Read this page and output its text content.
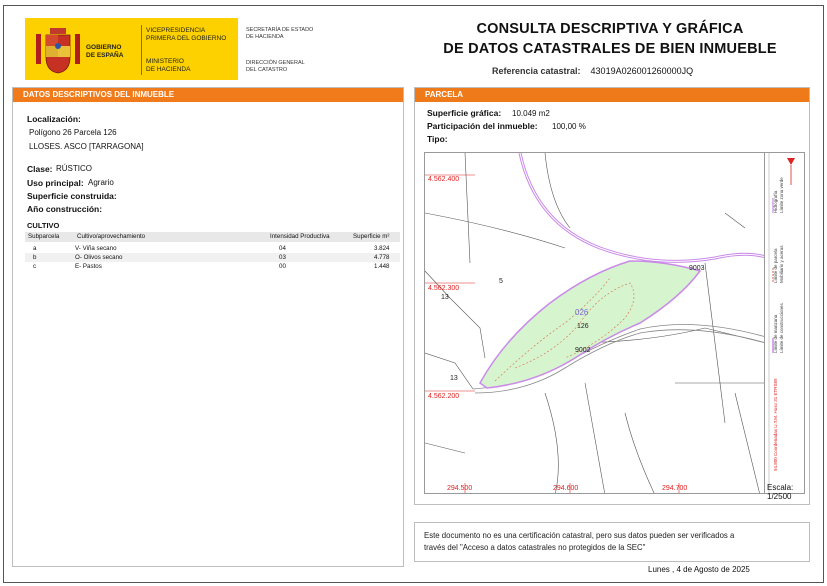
GOBIERNO
DE ESPAÑA
VICEPRESIDENCIA
PRIMERA DEL GOBIERNO
MINISTERIO
DE HACIENDA
SECRETARÍA DE ESTADO
DE HACIENDA
DIRECCIÓN GENERAL
DEL CATASTRO
CONSULTA DESCRIPTIVA Y GRÁFICA
DE DATOS CATASTRALES DE BIEN INMUEBLE
Referencia catastral: 43019A026001260000JQ
DATOS DESCRIPTIVOS DEL INMUEBLE
Localización:
Polígono 26 Parcela 126
LLOSES. ASCO [TARRAGONA]
Clase: RÚSTICO
Uso principal: Agrario
Superficie construida:
Año construcción:
CULTIVO
Subparcela	Cultivo/aprovechamiento	Intensidad Productiva	Superficie m²
a	V- Viña secano	04	3.824
b	O- Olivos secano	03	4.778
c	E- Pastos	00	1.448
PARCELA
Superficie gráfica: 10.049 m2
Participación del inmueble: 100,00 %
Tipo:
4.562.400
4.562.300
4.562.200
294.500	294.600	294.700
5
13
13
9003
9002
026
126
Hidrografía Límite zona verde
Límite de parcela Mobiliario y aceras
Límite de manzana Límite de construcciones
94.800 Coordenadas U.T.M. Huso 31 ETRS89
Escala:
1/2500
Este documento no es una certificación catastral, pero sus datos pueden ser verificados a
través del "Acceso a datos catastrales no protegidos de la SEC"
Lunes , 4 de Agosto de 2025
